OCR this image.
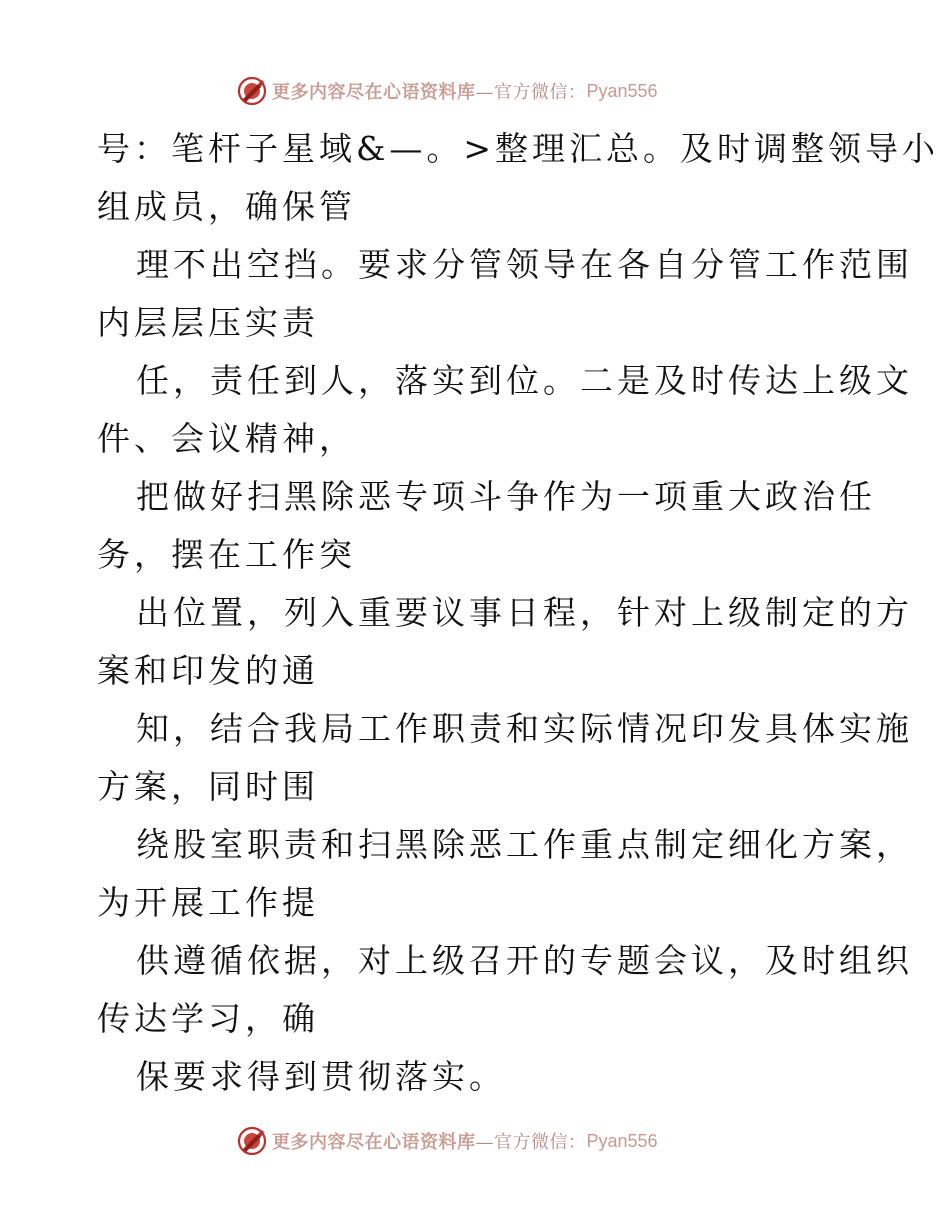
更多内容尽在心语资料库 —官方微信： Pyan556
号：笔杆子星域&—。>整理汇总。及时调整领导小
组成员，确保管
理不出空挡。要求分管领导在各自分管工作范围
内层层压实责
任，责任到人，落实到位。二是及时传达上级文
件、会议精神，
把做好扫黑除恶专项斗争作为一项重大政治任
务，摆在工作突
出位置，列入重要议事日程，针对上级制定的方
案和印发的通
知，结合我局工作职责和实际情况印发具体实施
方案，同时围
绕股室职责和扫黑除恶工作重点制定细化方案，
为开展工作提
供遵循依据，对上级召开的专题会议，及时组织
传达学习，确
保要求得到贯彻落实。
更多内容尽在心语资料库 —官方微信： Pyan556
